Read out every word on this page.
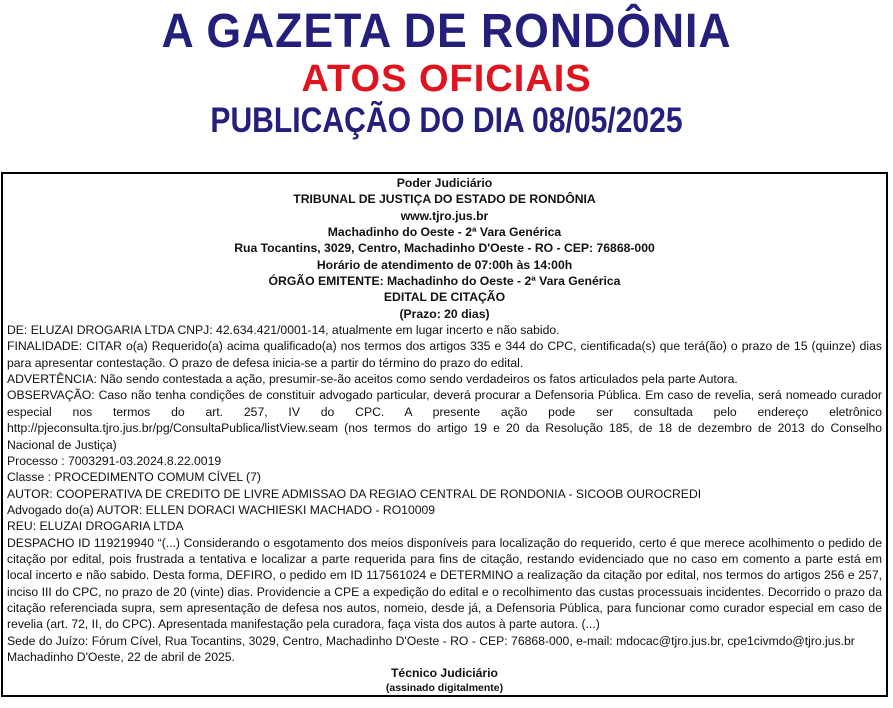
A GAZETA DE RONDÔNIA
ATOS OFICIAIS
PUBLICAÇÃO DO DIA 08/05/2025
Poder Judiciário
TRIBUNAL DE JUSTIÇA DO ESTADO DE RONDÔNIA
www.tjro.jus.br
Machadinho do Oeste - 2ª Vara Genérica
Rua Tocantins, 3029, Centro, Machadinho D'Oeste - RO - CEP: 76868-000
Horário de atendimento de 07:00h às 14:00h
ÓRGÃO EMITENTE: Machadinho do Oeste - 2ª Vara Genérica
EDITAL DE CITAÇÃO
(Prazo: 20 dias)
DE: ELUZAI DROGARIA LTDA CNPJ: 42.634.421/0001-14, atualmente em lugar incerto e não sabido.
FINALIDADE: CITAR o(a) Requerido(a) acima qualificado(a) nos termos dos artigos 335 e 344 do CPC, cientificada(s) que terá(ão) o prazo de 15 (quinze) dias para apresentar contestação. O prazo de defesa inicia-se a partir do término do prazo do edital.
ADVERTÊNCIA: Não sendo contestada a ação, presumir-se-ão aceitos como sendo verdadeiros os fatos articulados pela parte Autora.
OBSERVAÇÃO: Caso não tenha condições de constituir advogado particular, deverá procurar a Defensoria Pública. Em caso de revelia, será nomeado curador especial nos termos do art. 257, IV do CPC. A presente ação pode ser consultada pelo endereço eletrônico http://pjeconsulta.tjro.jus.br/pg/ConsultaPublica/listView.seam (nos termos do artigo 19 e 20 da Resolução 185, de 18 de dezembro de 2013 do Conselho Nacional de Justiça)
Processo : 7003291-03.2024.8.22.0019
Classe : PROCEDIMENTO COMUM CÍVEL (7)
AUTOR: COOPERATIVA DE CREDITO DE LIVRE ADMISSAO DA REGIAO CENTRAL DE RONDONIA - SICOOB OUROCREDI
Advogado do(a) AUTOR: ELLEN DORACI WACHIESKI MACHADO - RO10009
REU: ELUZAI DROGARIA LTDA
DESPACHO ID 119219940 “(...) Considerando o esgotamento dos meios disponíveis para localização do requerido, certo é que merece acolhimento o pedido de citação por edital, pois frustrada a tentativa e localizar a parte requerida para fins de citação, restando evidenciado que no caso em comento a parte está em local incerto e não sabido. Desta forma, DEFIRO, o pedido em ID 117561024 e DETERMINO a realização da citação por edital, nos termos do artigos 256 e 257, inciso III do CPC, no prazo de 20 (vinte) dias. Providencie a CPE a expedição do edital e o recolhimento das custas processuais incidentes. Decorrido o prazo da citação referenciada supra, sem apresentação de defesa nos autos, nomeio, desde já, a Defensoria Pública, para funcionar como curador especial em caso de revelia (art. 72, II, do CPC). Apresentada manifestação pela curadora, faça vista dos autos à parte autora. (...)
Sede do Juízo: Fórum Cível, Rua Tocantins, 3029, Centro, Machadinho D'Oeste - RO - CEP: 76868-000, e-mail: mdocac@tjro.jus.br, cpe1civmdo@tjro.jus.br
Machadinho D'Oeste, 22 de abril de 2025.
Técnico Judiciário
(assinado digitalmente)
